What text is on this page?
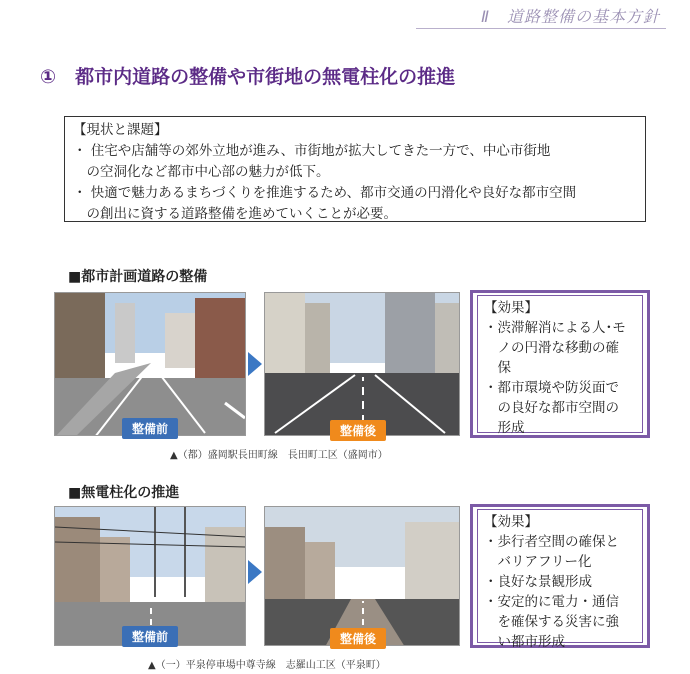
Ⅱ　道路整備の基本方針
①　都市内道路の整備や市街地の無電柱化の推進
【現状と課題】
・ 住宅や店舗等の郊外立地が進み、市街地が拡大してきた一方で、中心市街地
　の空洞化など都市中心部の魅力が低下。
・ 快適で魅力あるまちづくりを推進するため、都市交通の円滑化や良好な都市空間
　の創出に資する道路整備を進めていくことが必要。
■都市計画道路の整備
整備前	整備後
【効果】
・渋滞解消による人･モ
　ノの円滑な移動の確
　保
・都市環境や防災面で
　の良好な都市空間の
　形成
▲（都）盛岡駅長田町線　長田町工区（盛岡市）
■無電柱化の推進
整備前	整備後
【効果】
・歩行者空間の確保と
　バリアフリー化
・良好な景観形成
・安定的に電力・通信
　を確保する災害に強
　い都市形成
▲（一）平泉停車場中尊寺線　志羅山工区（平泉町）
